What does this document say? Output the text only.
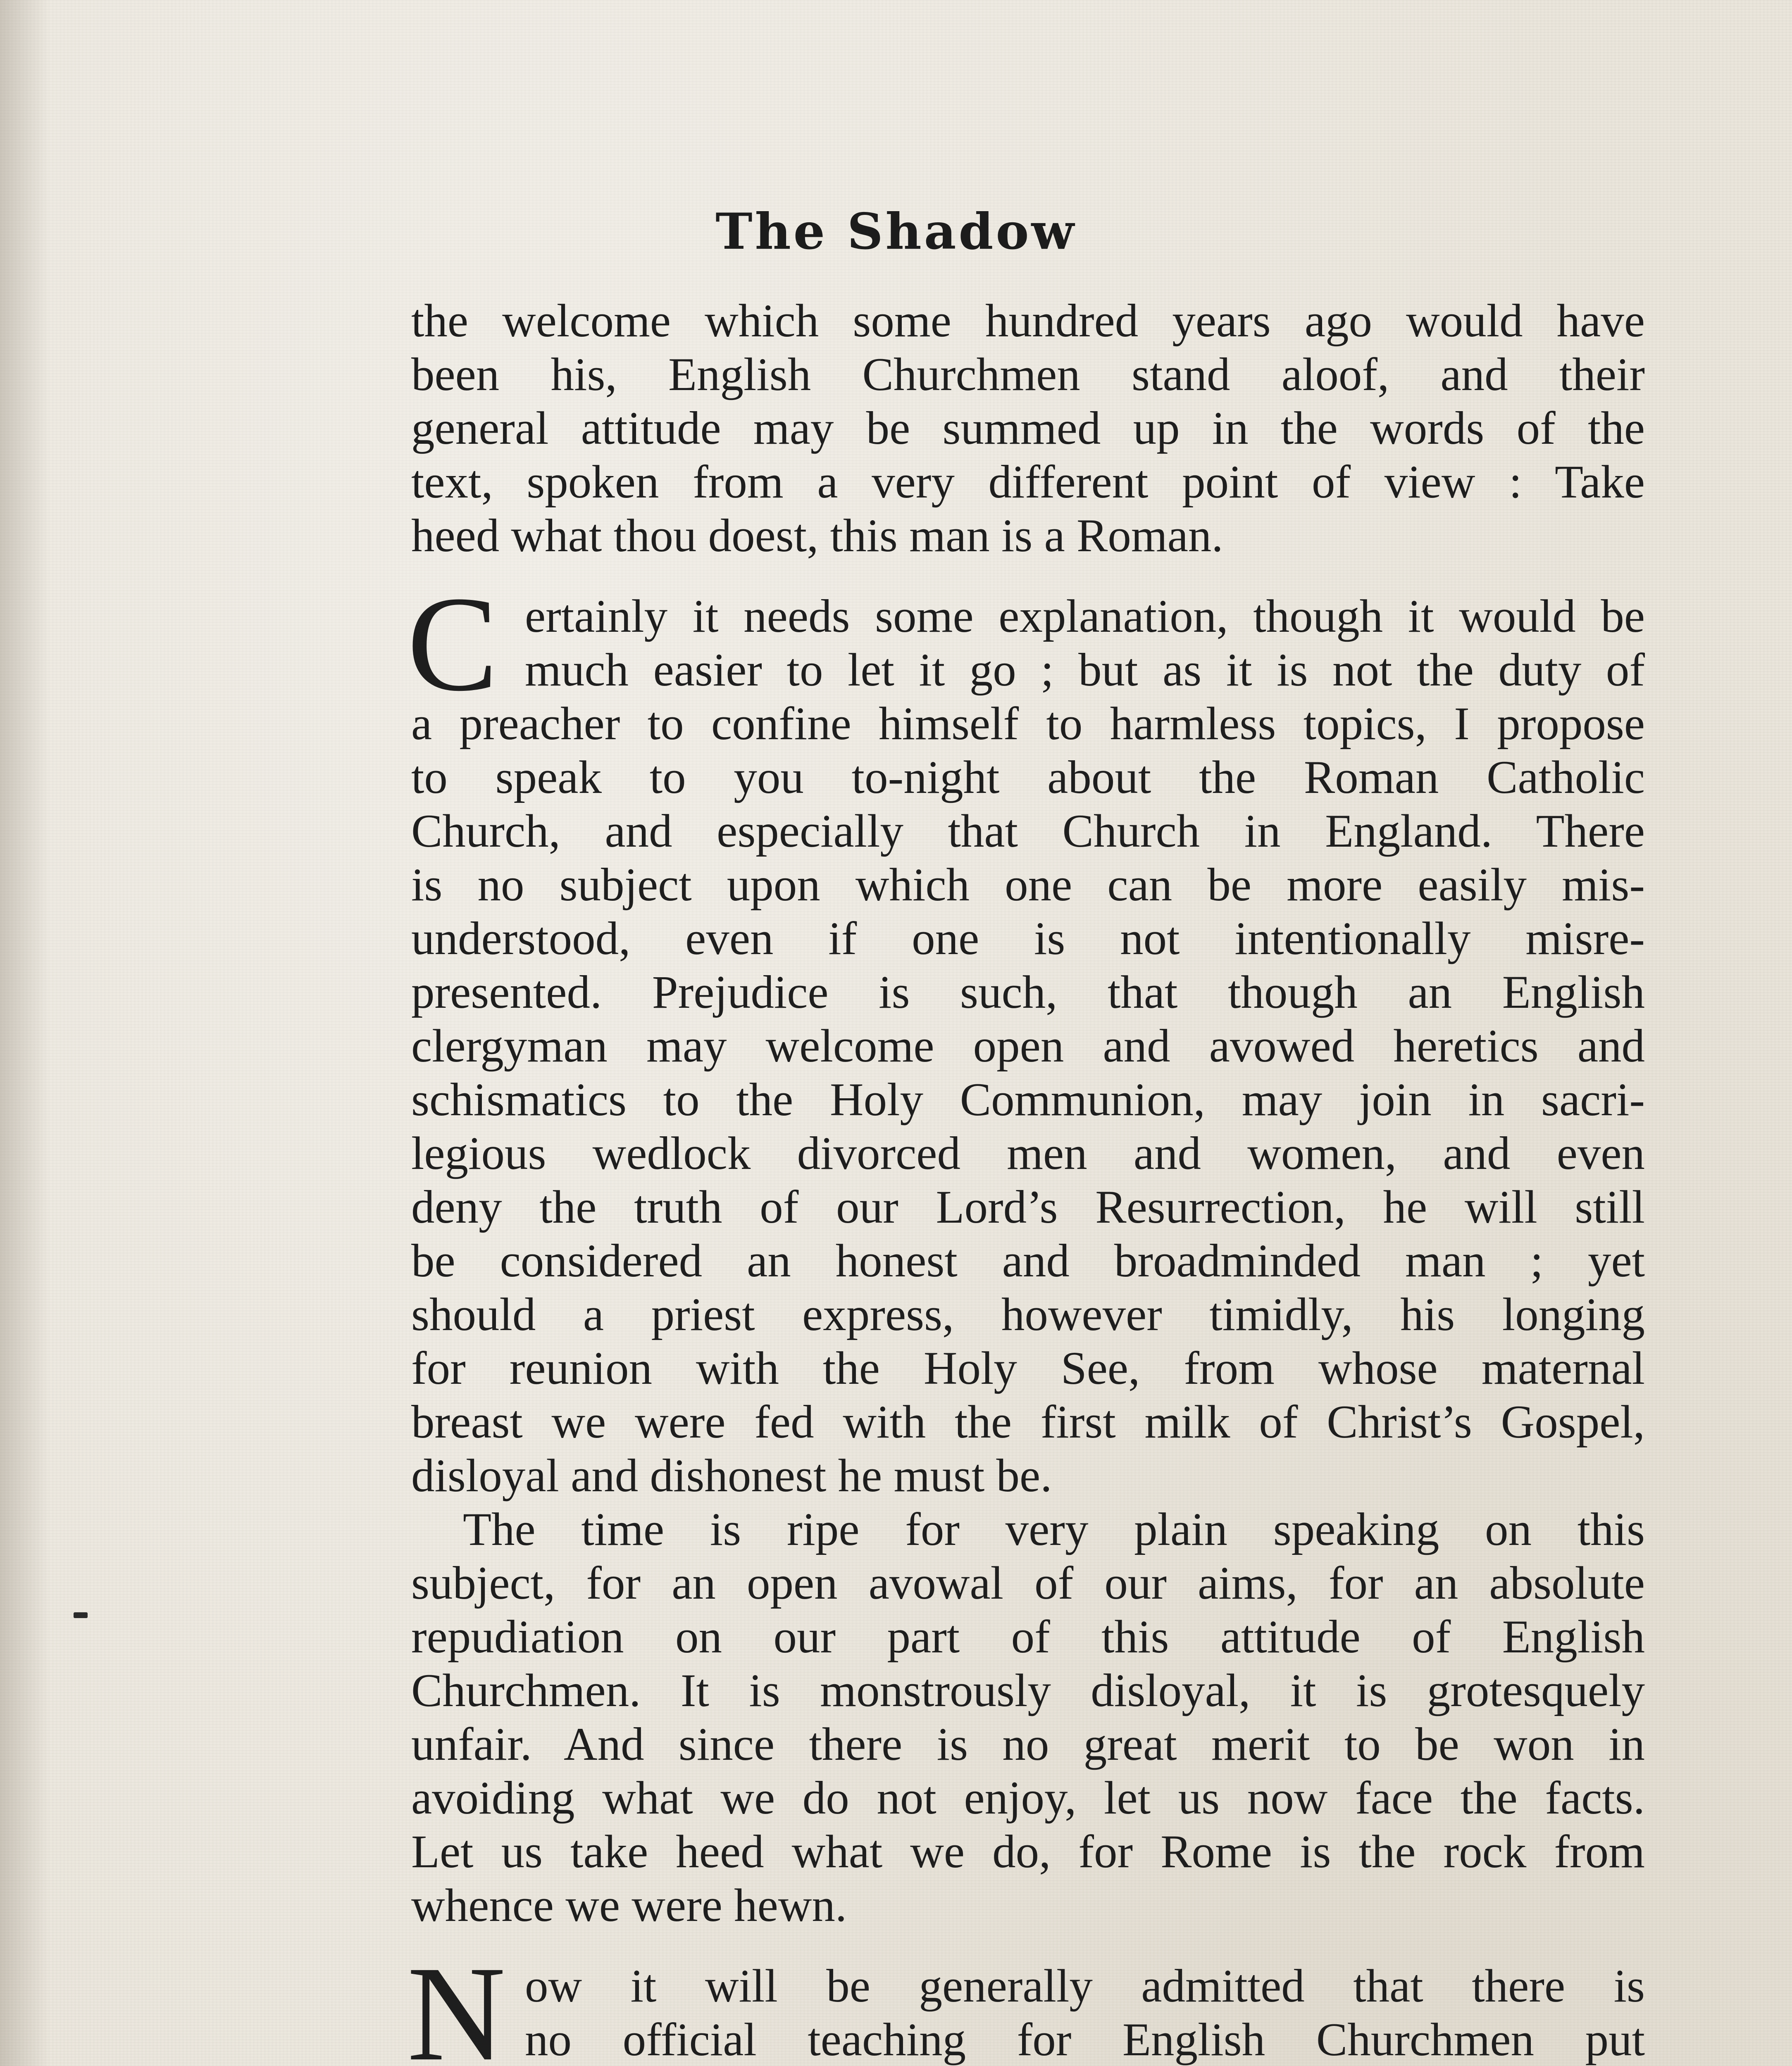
The Shadow
the welcome which some hundred years ago would have
been his, English Churchmen stand aloof, and their
general attitude may be summed up in the words of the
text, spoken from a very different point of view : Take
heed what thou doest, this man is a Roman.
C ertainly it needs some explanation, though it would be
much easier to let it go ; but as it is not the duty of
a preacher to confine himself to harmless topics, I propose
to speak to you to-night about the Roman Catholic
Church, and especially that Church in England. There
is no subject upon which one can be more easily mis-
understood, even if one is not intentionally misre-
presented. Prejudice is such, that though an English
clergyman may welcome open and avowed heretics and
schismatics to the Holy Communion, may join in sacri-
legious wedlock divorced men and women, and even
deny the truth of our Lord’s Resurrection, he will still
be considered an honest and broadminded man ; yet
should a priest express, however timidly, his longing
for reunion with the Holy See, from whose maternal
breast we were fed with the first milk of Christ’s Gospel,
disloyal and dishonest he must be.
The time is ripe for very plain speaking on this
subject, for an open avowal of our aims, for an absolute
repudiation on our part of this attitude of English
Churchmen. It is monstrously disloyal, it is grotesquely
unfair. And since there is no great merit to be won in
avoiding what we do not enjoy, let us now face the facts.
Let us take heed what we do, for Rome is the rock from
whence we were hewn.
N ow it will be generally admitted that there is
no official teaching for English Churchmen put
